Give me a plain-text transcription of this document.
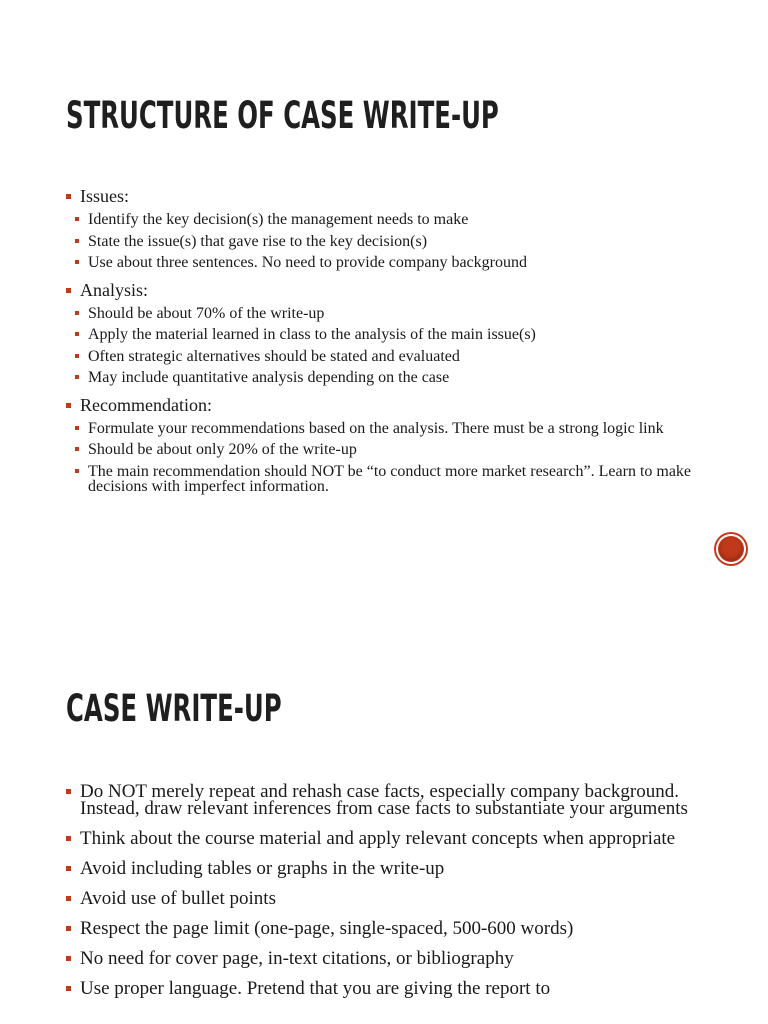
STRUCTURE OF CASE WRITE-UP
Issues:
Identify the key decision(s) the management needs to make
State the issue(s) that gave rise to the key decision(s)
Use about three sentences. No need to provide company background
Analysis:
Should be about 70% of the write-up
Apply the material learned in class to the analysis of the main issue(s)
Often strategic alternatives should be stated and evaluated
May include quantitative analysis depending on the case
Recommendation:
Formulate your recommendations based on the analysis. There must be a strong logic link
Should be about only 20% of the write-up
The main recommendation should NOT be “to conduct more market research”. Learn to make decisions with imperfect information.
CASE WRITE-UP
Do NOT merely repeat and rehash case facts, especially company background. Instead, draw relevant inferences from case facts to substantiate your arguments
Think about the course material and apply relevant concepts when appropriate
Avoid including tables or graphs in the write-up
Avoid use of bullet points
Respect the page limit (one-page, single-spaced, 500-600 words)
No need for cover page, in-text citations, or bibliography
Use proper language. Pretend that you are giving the report to
